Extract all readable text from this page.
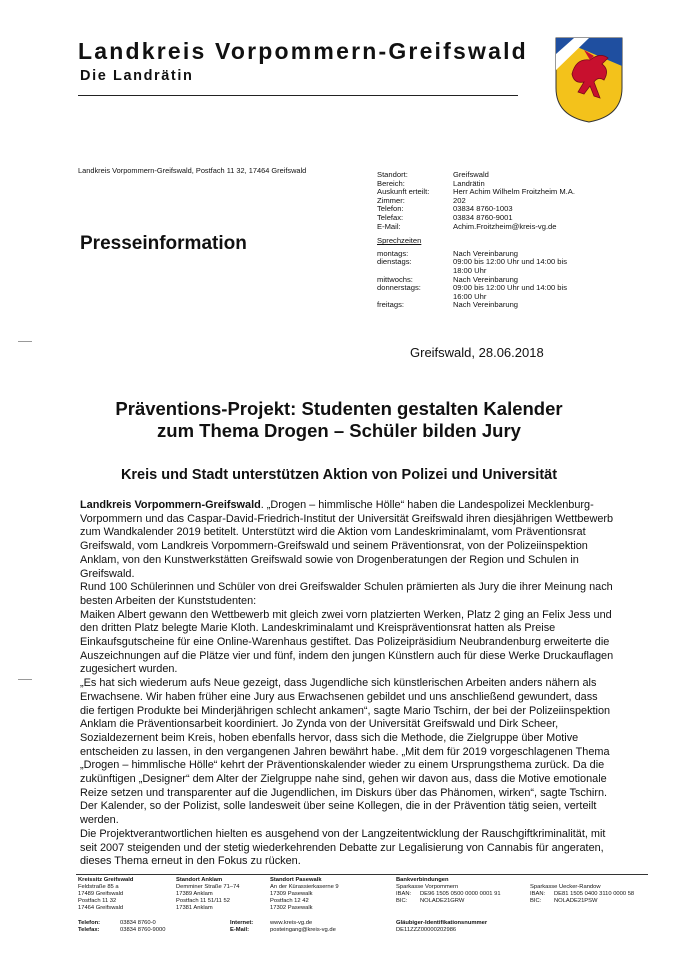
Landkreis Vorpommern-Greifswald
Die Landrätin
Landkreis Vorpommern-Greifswald, Postfach 11 32, 17464 Greifswald
Presseinformation
Standort:	Greifswald
Bereich:	Landrätin
Auskunft erteilt:	Herr Achim Wilhelm Froitzheim M.A.
Zimmer:	202
Telefon:	03834 8760-1003
Telefax:	03834 8760-9001
E-Mail:	Achim.Froitzheim@kreis-vg.de
Sprechzeiten
montags:	Nach Vereinbarung
dienstags:	09:00 bis 12:00 Uhr und 14:00 bis 18:00 Uhr
mittwochs:	Nach Vereinbarung
donnerstags:	09:00 bis 12:00 Uhr und 14:00 bis 16:00 Uhr
freitags:	Nach Vereinbarung
Greifswald, 28.06.2018
Präventions-Projekt: Studenten gestalten Kalender
zum Thema Drogen – Schüler bilden Jury
Kreis und Stadt unterstützen Aktion von Polizei und Universität

Landkreis Vorpommern-Greifswald. „Drogen – himmlische Hölle“ haben die Landespolizei Mecklenburg-Vorpommern und das Caspar-David-Friedrich-Institut der Universität Greifswald ihren diesjährigen Wettbewerb zum Wandkalender 2019 betitelt. Unterstützt wird die Aktion vom Landeskriminalamt, vom Präventionsrat Greifswald, vom Landkreis Vorpommern-Greifswald und seinem Präventionsrat, von der Polizeiinspektion Anklam, von den Kunstwerkstätten Greifswald sowie von Drogenberatungen der Region und Schulen in Greifswald.

Rund 100 Schülerinnen und Schüler von drei Greifswalder Schulen prämierten als Jury die ihrer Meinung nach besten Arbeiten der Kunststudenten:

Maiken Albert gewann den Wettbewerb mit gleich zwei vorn platzierten Werken, Platz 2 ging an Felix Jess und den dritten Platz belegte Marie Kloth. Landeskriminalamt und Kreispräventionsrat hatten als Preise Einkaufsgutscheine für eine Online-Warenhaus gestiftet. Das Polizeipräsidium Neubrandenburg erweiterte die Auszeichnungen auf die Plätze vier und fünf, indem den jungen Künstlern auch für diese Werke Druckauflagen zugesichert wurden.

„Es hat sich wiederum aufs Neue gezeigt, dass Jugendliche sich künstlerischen Arbeiten anders nähern als Erwachsene. Wir haben früher eine Jury aus Erwachsenen gebildet und uns anschließend gewundert, dass die fertigen Produkte bei Minderjährigen schlecht ankamen“, sagte Mario Tschirn, der bei der Polizeiinspektion Anklam die Präventionsarbeit koordiniert. Jo Zynda von der Universität Greifswald und Dirk Scheer, Sozialdezernent beim Kreis, hoben ebenfalls hervor, dass sich die Methode, die Zielgruppe über Motive entscheiden zu lassen, in den vergangenen Jahren bewährt habe. „Mit dem für 2019 vorgeschlagenen Thema „Drogen – himmlische Hölle“ kehrt der Präventionskalender wieder zu einem Ursprungsthema zurück. Da die zukünftigen „Designer“ dem Alter der Zielgruppe nahe sind, gehen wir davon aus, dass die Motive emotionale Reize setzen und transparenter auf die Jugendlichen, im Diskurs über das Phänomen, wirken“, sagte Tschirn. Der Kalender, so der Polizist, solle landesweit über seine Kollegen, die in der Prävention tätig seien, verteilt werden.

Die Projektverantwortlichen hielten es ausgehend von der Langzeitentwicklung der Rauschgiftkriminalität, mit seit 2007 steigenden und der stetig wiederkehrenden Debatte zur Legalisierung von Cannabis für angeraten, dieses Thema erneut in den Fokus zu rücken.

Kreissitz Greifswald
Feldstraße 85 a
17489 Greifswald
Postfach 11 32
17464 Greifswald
Standort Anklam
Demminer Straße 71–74
17389 Anklam
Postfach 11 51/11 52
17381 Anklam
Standort Pasewalk
An der Kürassierkaserne 9
17309 Pasewalk
Postfach 12 42
17302 Pasewalk
Bankverbindungen
Sparkasse Vorpommern
IBAN:	DE96 1505 0500 0000 0001 91
BIC:	NOLADE21GRW
Sparkasse Uecker-Randow
IBAN:	DE81 1505 0400 3110 0000 58
BIC:	NOLADE21PSW
Telefon:	03834 8760-0
Telefax:	03834 8760-9000
Internet:	www.kreis-vg.de
E-Mail:	posteingang@kreis-vg.de
Gläubiger-Identifikationsnummer
DE11ZZZ00000202986
